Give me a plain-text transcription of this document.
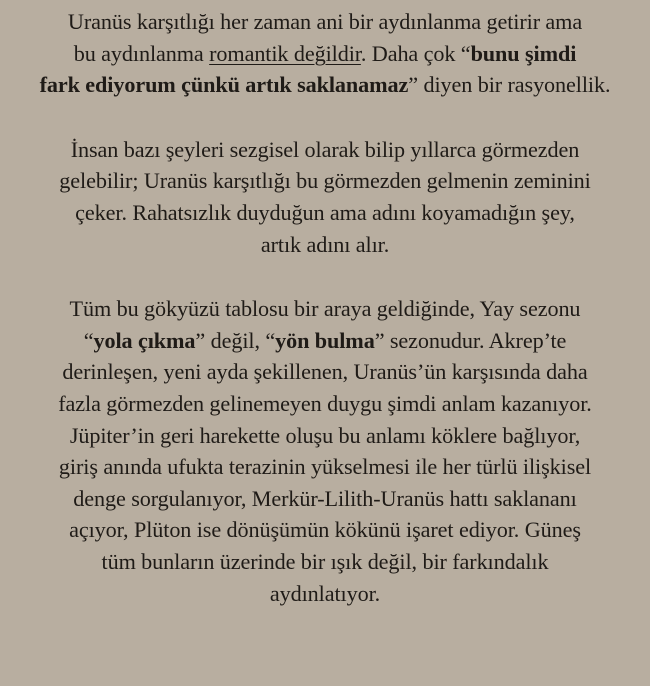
Uranüs karşıtlığı her zaman ani bir aydınlanma getirir ama
bu aydınlanma romantik değildir. Daha çok “bunu şimdi
fark ediyorum çünkü artık saklanamaz” diyen bir rasyonellik.

İnsan bazı şeyleri sezgisel olarak bilip yıllarca görmezden
gelebilir; Uranüs karşıtlığı bu görmezden gelmenin zeminini
çeker. Rahatsızlık duyduğun ama adını koyamadığın şey,
artık adını alır.

Tüm bu gökyüzü tablosu bir araya geldiğinde, Yay sezonu
“yola çıkma” değil, “yön bulma” sezonudur. Akrep’te
derinleşen, yeni ayda şekillenen, Uranüs’ün karşısında daha
fazla görmezden gelinemeyen duygu şimdi anlam kazanıyor.
Jüpiter’in geri harekette oluşu bu anlamı köklere bağlıyor,
giriş anında ufukta terazinin yükselmesi ile her türlü ilişkisel
denge sorgulanıyor, Merkür-Lilith-Uranüs hattı saklananı
açıyor, Plüton ise dönüşümün kökünü işaret ediyor. Güneş
tüm bunların üzerinde bir ışık değil, bir farkındalık
aydınlatıyor.
